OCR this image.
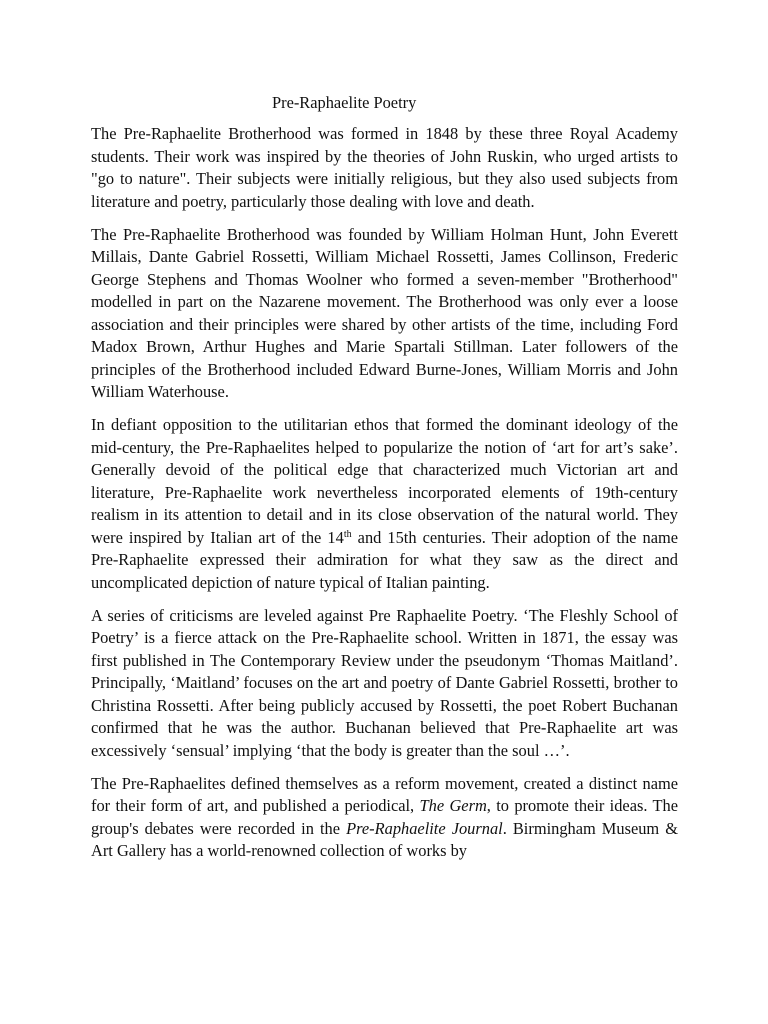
Pre-Raphaelite Poetry

The Pre-Raphaelite Brotherhood was formed in 1848 by these three Royal Academy students. Their work was inspired by the theories of John Ruskin, who urged artists to "go to nature". Their subjects were initially religious, but they also used subjects from literature and poetry, particularly those dealing with love and death.

The Pre-Raphaelite Brotherhood was founded by William Holman Hunt, John Everett Millais, Dante Gabriel Rossetti, William Michael Rossetti, James Collinson, Frederic George Stephens and Thomas Woolner who formed a seven-member "Brotherhood" modelled in part on the Nazarene movement. The Brotherhood was only ever a loose association and their principles were shared by other artists of the time, including Ford Madox Brown, Arthur Hughes and Marie Spartali Stillman. Later followers of the principles of the Brotherhood included Edward Burne-Jones, William Morris and John William Waterhouse.

In defiant opposition to the utilitarian ethos that formed the dominant ideology of the mid-century, the Pre-Raphaelites helped to popularize the notion of ‘art for art’s sake’. Generally devoid of the political edge that characterized much Victorian art and literature, Pre-Raphaelite work nevertheless incorporated elements of 19th-century realism in its attention to detail and in its close observation of the natural world. They were inspired by Italian art of the 14th and 15th centuries. Their adoption of the name Pre-Raphaelite expressed their admiration for what they saw as the direct and uncomplicated depiction of nature typical of Italian painting.

A series of criticisms are leveled against Pre Raphaelite Poetry. ‘The Fleshly School of Poetry’ is a fierce attack on the Pre-Raphaelite school. Written in 1871, the essay was first published in The Contemporary Review under the pseudonym ‘Thomas Maitland’. Principally, ‘Maitland’ focuses on the art and poetry of Dante Gabriel Rossetti, brother to Christina Rossetti. After being publicly accused by Rossetti, the poet Robert Buchanan confirmed that he was the author. Buchanan believed that Pre-Raphaelite art was excessively ‘sensual’ implying ‘that the body is greater than the soul …’.

The Pre-Raphaelites defined themselves as a reform movement, created a distinct name for their form of art, and published a periodical, The Germ, to promote their ideas. The group's debates were recorded in the Pre-Raphaelite Journal. Birmingham Museum & Art Gallery has a world-renowned collection of works by
